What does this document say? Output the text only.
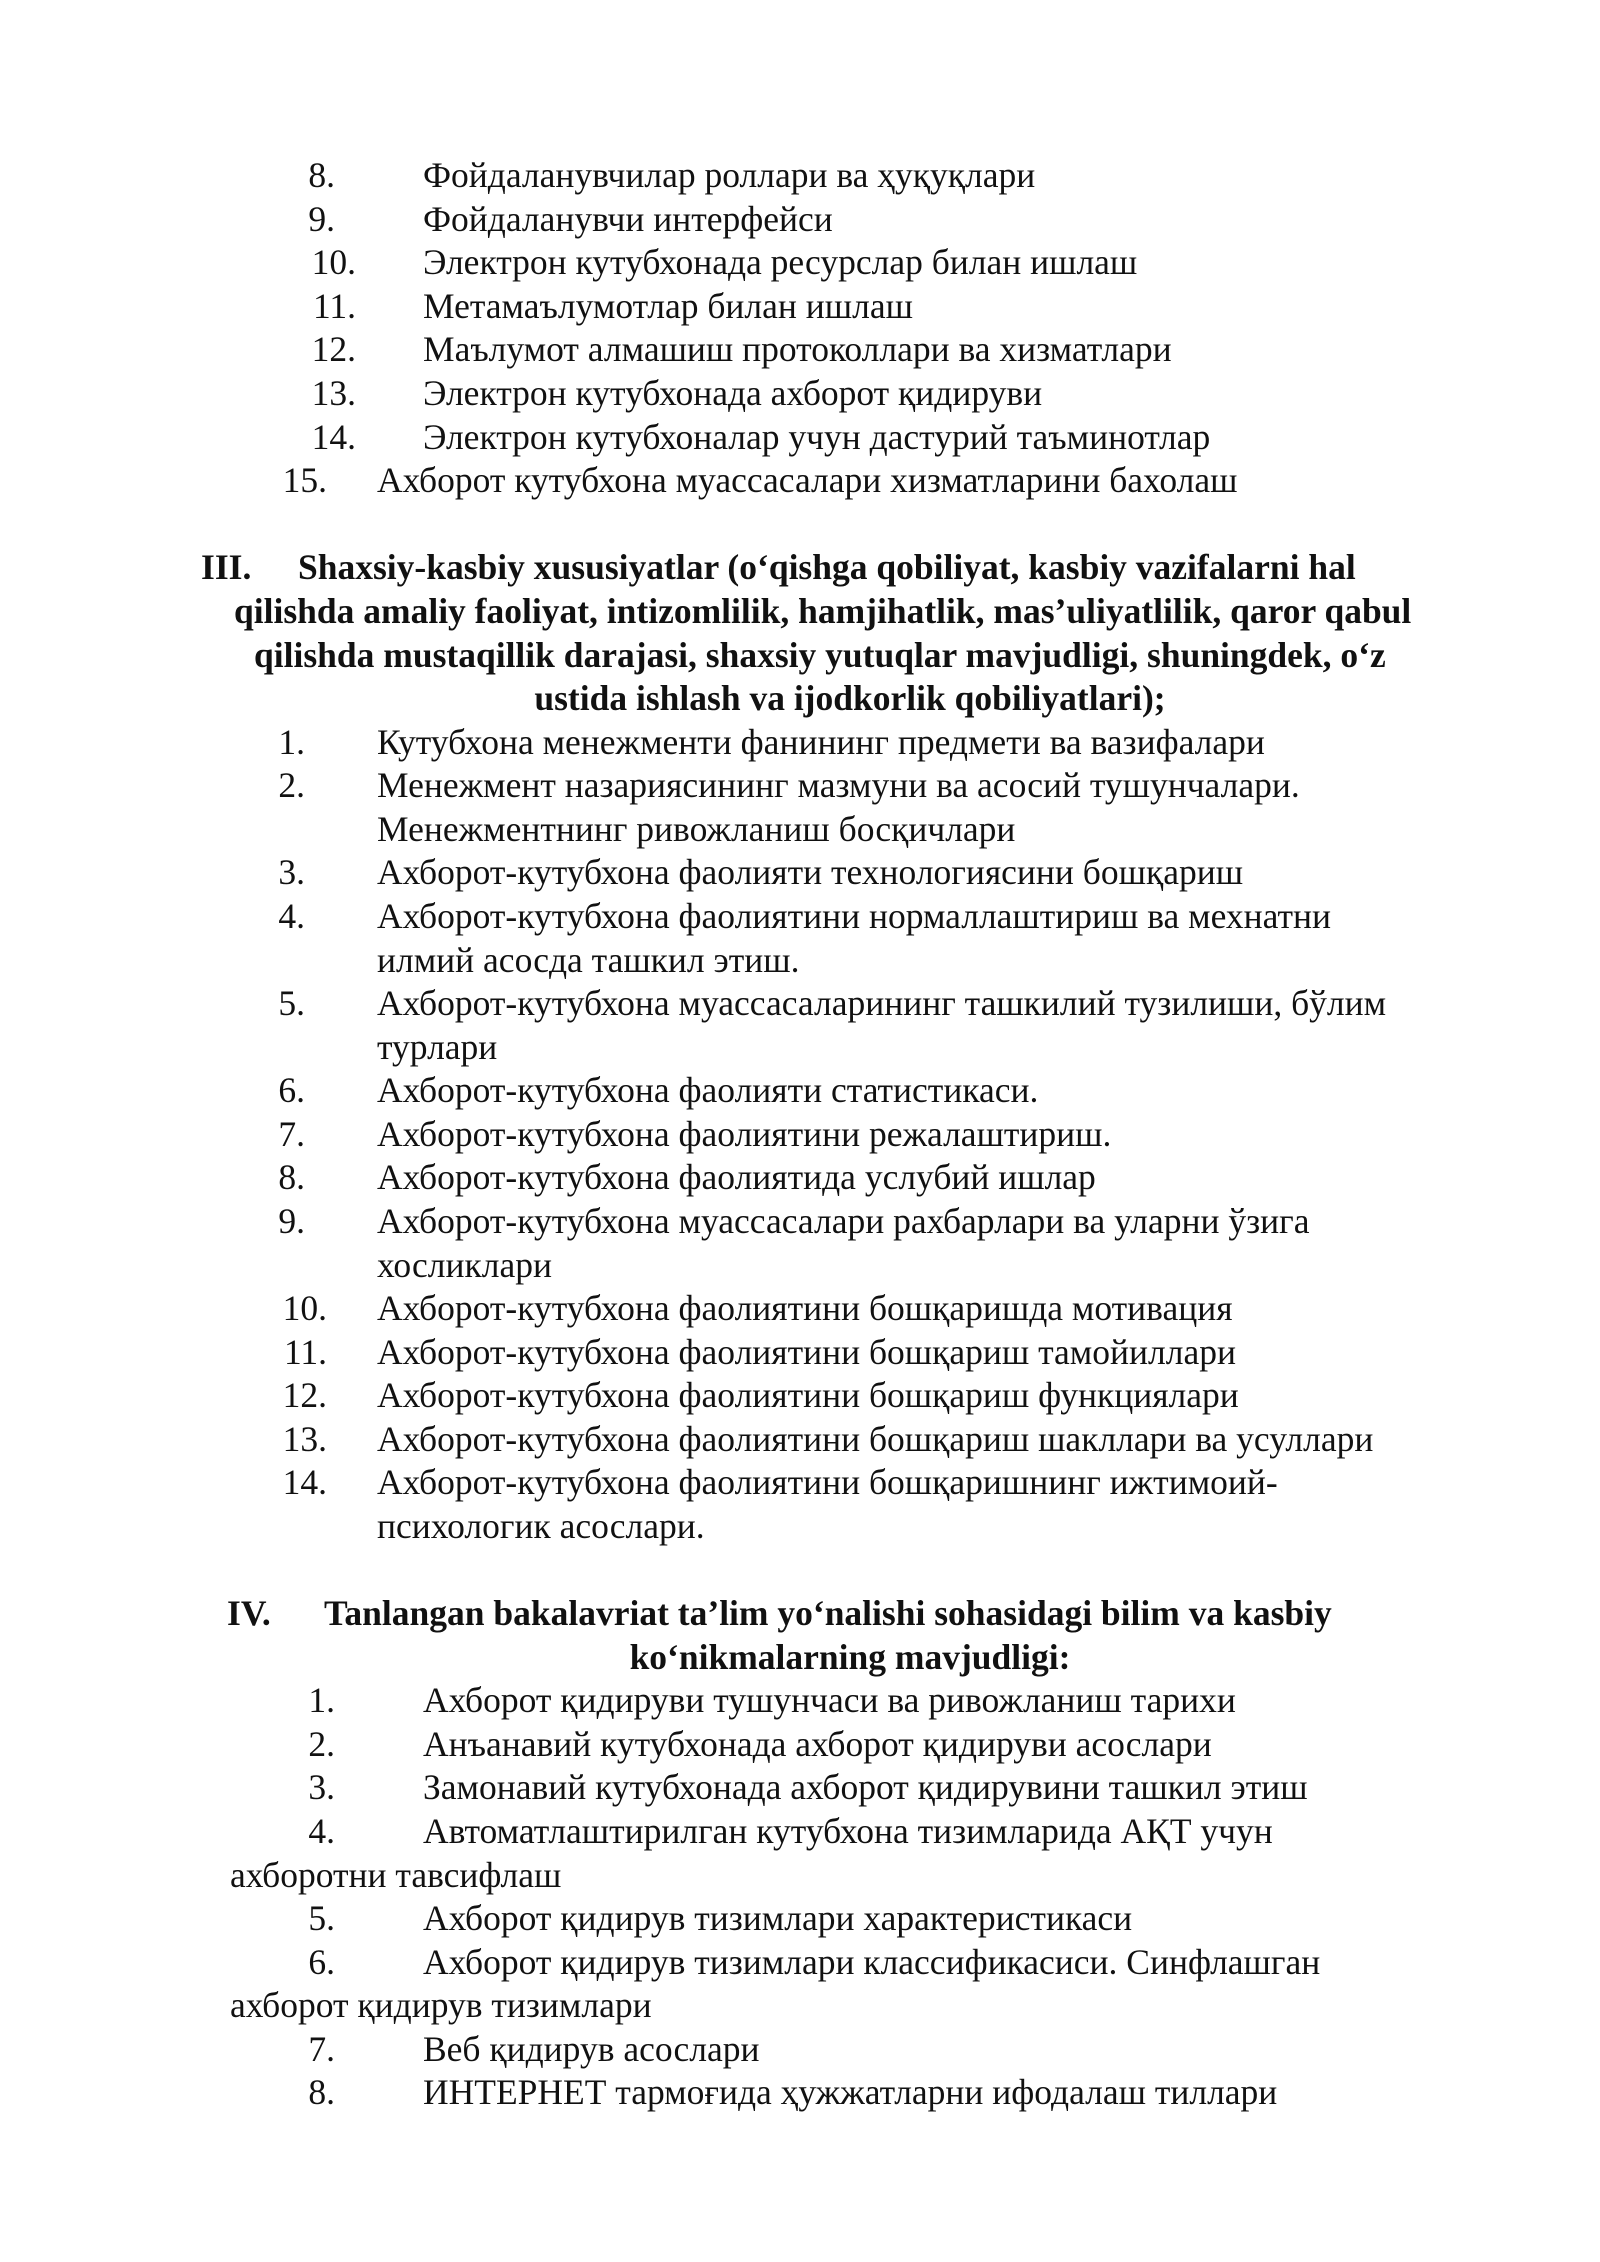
8. Фойдаланувчилар роллари ва ҳуқуқлари
9. Фойдаланувчи интерфейси
10. Электрон кутубхонада ресурслар билан ишлаш
11. Метамаълумотлар билан ишлаш
12. Маълумот алмашиш протоколлари ва хизматлари
13. Электрон кутубхонада ахборот қидируви
14. Электрон кутубхоналар учун дастурий таъминотлар
15. Ахборот кутубхона муассасалари хизматларини бахолаш
III. Shaxsiy-kasbiy xususiyatlar (o‘qishga qobiliyat, kasbiy vazifalarni hal
qilishda amaliy faoliyat, intizomlilik, hamjihatlik, mas’uliyatlilik, qaror qabul
qilishda mustaqillik darajasi, shaxsiy yutuqlar mavjudligi, shuningdek, o‘z
ustida ishlash va ijodkorlik qobiliyatlari);
1. Кутубхона менежменти фанининг предмети ва вазифалари
2. Менежмент назариясининг мазмуни ва асосий тушунчалари.
Менежментнинг ривожланиш босқичлари
3. Ахборот-кутубхона фаолияти технологиясини бошқариш
4. Ахборот-кутубхона фаолиятини нормаллаштириш ва мехнатни
илмий асосда ташкил этиш.
5. Ахборот-кутубхона муассасаларининг ташкилий тузилиши, бўлим
турлари
6. Ахборот-кутубхона фаолияти статистикаси.
7. Ахборот-кутубхона фаолиятини режалаштириш.
8. Ахборот-кутубхона фаолиятида услубий ишлар
9. Ахборот-кутубхона муассасалари рахбарлари ва уларни ўзига
хосликлари
10. Ахборот-кутубхона фаолиятини бошқаришда мотивация
11. Ахборот-кутубхона фаолиятини бошқариш тамойиллари
12. Ахборот-кутубхона фаолиятини бошқариш функциялари
13. Ахборот-кутубхона фаолиятини бошқариш шакллари ва усуллари
14. Ахборот-кутубхона фаолиятини бошқаришнинг ижтимоий-
психологик асослари.
IV. Tanlangan bakalavriat ta’lim yo‘nalishi sohasidagi bilim va kasbiy
ko‘nikmalarning mavjudligi:
1. Ахборот қидируви тушунчаси ва ривожланиш тарихи
2. Анъанавий кутубхонада ахборот қидируви асослари
3. Замонавий кутубхонада ахборот қидирувини ташкил этиш
4. Автоматлаштирилган кутубхона тизимларида АҚТ учун
ахборотни тавсифлаш
5. Ахборот қидирув тизимлари характеристикаси
6. Ахборот қидирув тизимлари классификасиси. Синфлашган
ахборот қидирув тизимлари
7. Веб қидирув асослари
8. ИНТЕРНЕТ тармоғида ҳужжатларни ифодалаш тиллари
